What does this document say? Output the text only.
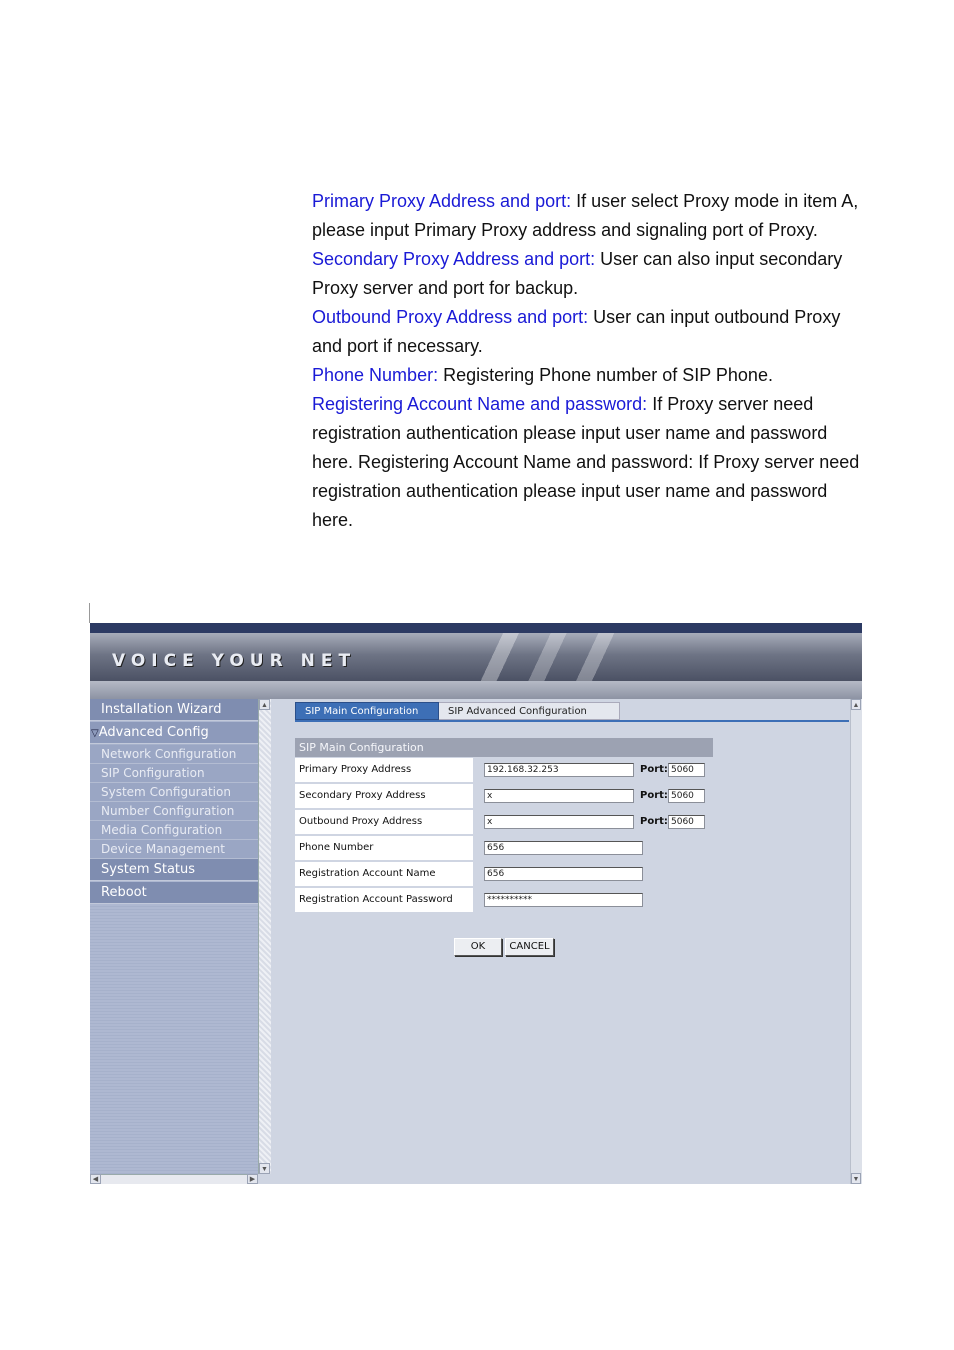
Primary Proxy Address and port: If user select Proxy mode in item A, please input Primary Proxy address and signaling port of Proxy.

Secondary Proxy Address and port: User can also input secondary Proxy server and port for backup.

Outbound Proxy Address and port: User can input outbound Proxy and port if necessary.

Phone Number: Registering Phone number of SIP Phone.

Registering Account Name and password: If Proxy server need registration authentication please input user name and password here. Registering Account Name and password: If Proxy server need registration authentication please input user name and password here.

VOICE YOUR NET
Installation Wizard
▽Advanced Config
Network Configuration
SIP Configuration
System Configuration
Number Configuration
Media Configuration
Device Management
System Status
Reboot
▲
▼
◀	▶
SIP Main Configuration	SIP Advanced Configuration
SIP Main Configuration
Primary Proxy Address	192.168.32.253	Port: 5060
Secondary Proxy Address	x	Port: 5060
Outbound Proxy Address	x	Port: 5060
Phone Number	656
Registration Account Name	656
Registration Account Password	**********
OK	CANCEL
▲
▼
